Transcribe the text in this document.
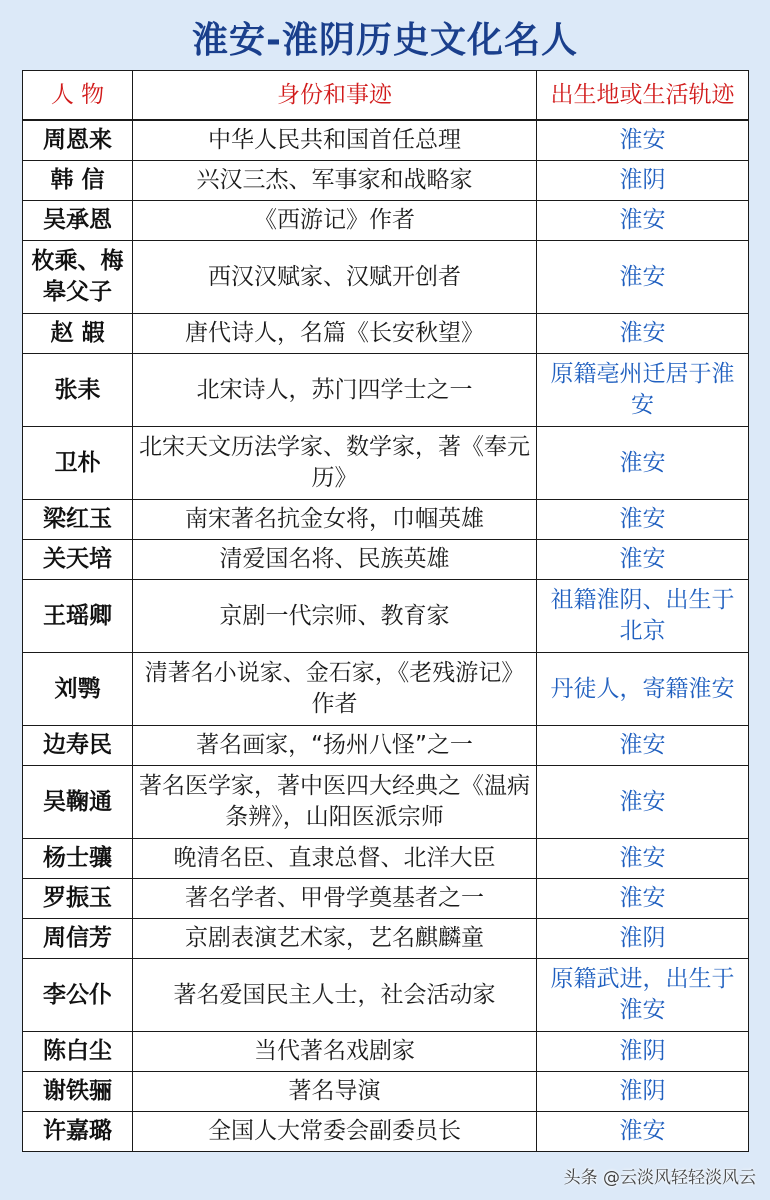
淮安-淮阴历史文化名人
人 物	身份和事迹	出生地或生活轨迹
周恩来	中华人民共和国首任总理	淮安
韩 信	兴汉三杰、军事家和战略家	淮阴
吴承恩	《西游记》作者	淮安
枚乘、梅皋父子	西汉汉赋家、汉赋开创者	淮安
赵 嘏	唐代诗人，名篇《长安秋望》	淮安
张耒	北宋诗人，苏门四学士之一	原籍亳州迁居于淮安
卫朴	北宋天文历法学家、数学家，著《奉元历》	淮安
梁红玉	南宋著名抗金女将，巾帼英雄	淮安
关天培	清爱国名将、民族英雄	淮安
王瑶卿	京剧一代宗师、教育家	祖籍淮阴、出生于北京
刘鹗	清著名小说家、金石家，《老残游记》作者	丹徒人，寄籍淮安
边寿民	著名画家，“扬州八怪”之一	淮安
吴鞠通	著名医学家，著中医四大经典之《温病条辨》，山阳医派宗师	淮安
杨士骧	晚清名臣、直隶总督、北洋大臣	淮安
罗振玉	著名学者、甲骨学奠基者之一	淮安
周信芳	京剧表演艺术家，艺名麒麟童	淮阴
李公仆	著名爱国民主人士，社会活动家	原籍武进，出生于淮安
陈白尘	当代著名戏剧家	淮阴
谢铁骊	著名导演	淮阴
许嘉璐	全国人大常委会副委员长	淮安
头条 @云淡风轻轻淡风云
